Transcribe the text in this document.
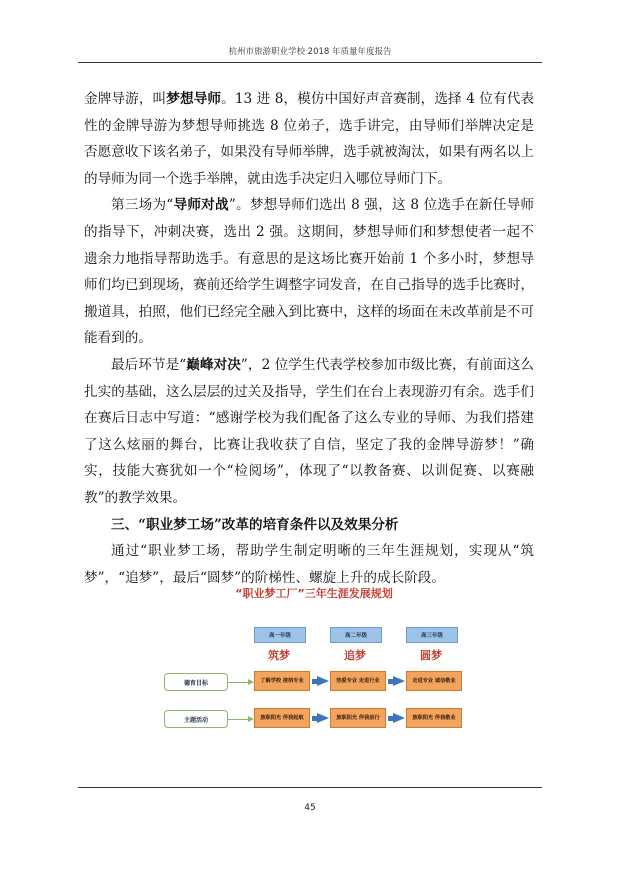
杭州市旅游职业学校 2018 年质量年度报告

金牌导游，叫梦想导师。13 进 8，模仿中国好声音赛制，选择 4 位有代表性的金牌导游为梦想导师挑选 8 位弟子，选手讲完，由导师们举牌决定是否愿意收下该名弟子，如果没有导师举牌，选手就被淘汰，如果有两名以上的导师为同一个选手举牌，就由选手决定归入哪位导师门下。

第三场为“导师对战”。梦想导师们选出 8 强，这 8 位选手在新任导师的指导下，冲刺决赛，选出 2 强。这期间，梦想导师们和梦想使者一起不遗余力地指导帮助选手。有意思的是这场比赛开始前 1 个多小时，梦想导师们均已到现场，赛前还给学生调整字词发音，在自己指导的选手比赛时，搬道具，拍照，他们已经完全融入到比赛中，这样的场面在未改革前是不可能看到的。

最后环节是“巅峰对决”，2 位学生代表学校参加市级比赛，有前面这么扎实的基础，这么层层的过关及指导，学生们在台上表现游刃有余。选手们在赛后日志中写道：“感谢学校为我们配备了这么专业的导师、为我们搭建了这么炫丽的舞台，比赛让我收获了自信，坚定了我的金牌导游梦！”确实，技能大赛犹如一个“检阅场”，体现了“以教备赛、以训促赛、以赛融教”的教学效果。

三、“职业梦工场”改革的培育条件以及效果分析

通过“职业梦工场，帮助学生制定明晰的三年生涯规划，实现从“筑梦”，“追梦”，最后“圆梦”的阶梯性、螺旋上升的成长阶段。

“职业梦工厂”三年生涯发展规划
高一年级	高二年级	高三年级
筑梦	追梦	圆梦
德育目标	了解学校 接纳专业	热爱专业 走进行业	走进专业 诚信敬业
主题活动	旅职阳光 伴我起航	旅职阳光 伴我前行	旅职阳光 伴我敬业
45
